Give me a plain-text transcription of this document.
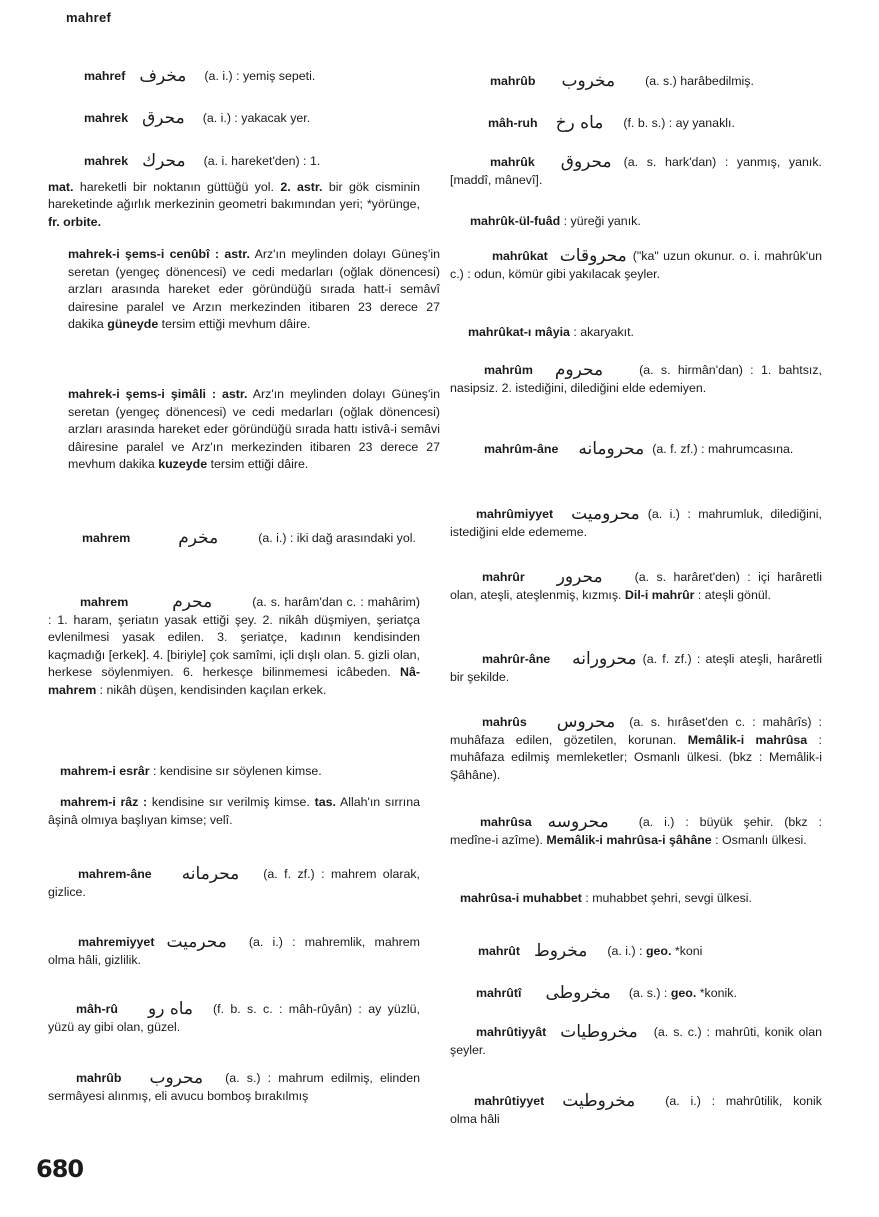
mahref
mahref مخرف (a. i.) : yemiş sepeti.
mahrek محرق (a. i.) : yakacak yer.
mahrek محرك (a. i. hareket'den) : 1.
mat. hareketli bir noktanın güttüğü yol. 2. astr. bir gök cisminin hareketinde ağırlık merkezinin geometri bakımından yeri; *yörünge, fr. orbite.
mahrek-i şems-i cenûbî : astr. Arz'ın meylinden dolayı Güneş'in seretan (yengeç dönencesi) ve cedi medarları (oğlak dönencesi) arzları arasında hareket eder göründüğü sırada hatt-i semâvî dairesine paralel ve Arzın merkezinden itibaren 23 derece 27 dakika güneyde tersim ettiği mevhum dâire.
mahrek-i şems-i şimâli : astr. Arz'ın meylinden dolayı Güneş'in seretan (yengeç dönencesi) ve cedi medarları (oğlak dönencesi) arzları arasında hareket eder göründüğü sırada hattı istivâ-i semâvi dâiresine paralel ve Arz'ın merkezinden itibaren 23 derece 27 mevhum dakika kuzeyde tersim ettiği dâire.
mahrem	مخرم	(a. i.) : iki dağ arasındaki yol.
mahrem	محرم	(a. s. harâm'dan c. : mahârim) : 1. haram, şeriatın yasak ettiği şey. 2. nikâh düşmiyen, şeriatça evlenilmesi yasak edilen. 3. şeriatçe, kadının kendisinden kaçmadığı [erkek]. 4. [biriyle] çok samîmi, içli dışlı olan. 5. gizli olan, herkese söylenmiyen. 6. herkesçe bilinmemesi icâbeden. Nâ-mahrem : nikâh düşen, kendisinden kaçılan erkek.
mahrem-i esrâr : kendisine sır söylenen kimse.
mahrem-i râz : kendisine sır verilmiş kimse. tas. Allah'ın sırrına âşinâ olmıya başlıyan kimse; velî.
mahrem-âne محرمانه (a. f. zf.) : mahrem olarak, gizlice.
mahremiyyet محرميت (a. i.) : mahremlik, mahrem olma hâli, gizlilik.
mâh-rû ماه رو (f. b. s. c. : mâh-rûyân) : ay yüzlü, yüzü ay gibi olan, güzel.
mahrûb محروب (a. s.) : mahrum edilmiş, elinden sermâyesi alınmış, eli avucu bomboş bırakılmış
mahrûb مخروب (a. s.) harâbedilmiş.
mâh-ruh ماه رخ (f. b. s.) : ay yanaklı.
mahrûk محروق (a. s. hark'dan) : yanmış, yanık. [maddî, mânevî].
mahrûk-ül-fuâd : yüreği yanık.
mahrûkat محروقات ("ka" uzun okunur. o. i. mahrûk'un c.) : odun, kömür gibi yakılacak şeyler.
mahrûkat-ı mâyia : akaryakıt.
mahrûm محروم	(a. s. hirmân'dan) : 1. bahtsız, nasipsiz. 2. istediğini, dilediğini elde edemiyen.
mahrûm-âne محرومانه (a. f. zf.) : mahrumcasına.
mahrûmiyyet محرومیت (a. i.) : mahrumluk, dilediğini, istediğini elde edememe.
mahrûr محرور	(a. s. harâret'den) : içi harâretli olan, ateşli, ateşlenmiş, kızmış. Dil-i mahrûr : ateşli gönül.
mahrûr-âne محرورانه (a. f. zf.) : ateşli ateşli, harâretli bir şekilde.
mahrûs محروس (a. s. hırâset'den c. : mahârîs) : muhâfaza edilen, gözetilen, korunan. Memâlik-i mahrûsa : muhâfaza edilmiş memleketler; Osmanlı ülkesi. (bkz : Memâlik-i Şâhâne).
mahrûsa محروسه (a. i.) : büyük şehir. (bkz : medîne-i azîme). Memâlik-i mahrûsa-i şâhâne : Osmanlı ülkesi.
mahrûsa-i muhabbet : muhabbet şehri, sevgi ülkesi.
mahrût مخروط (a. i.) : geo. *koni
mahrûtî مخروطی (a. s.) : geo. *konik.
mahrûtiyyât مخروطیات (a. s. c.) : mahrûti, konik olan şeyler.
mahrûtiyyet مخروطیت (a. i.) : mahrûtilik, konik olma hâli
680
